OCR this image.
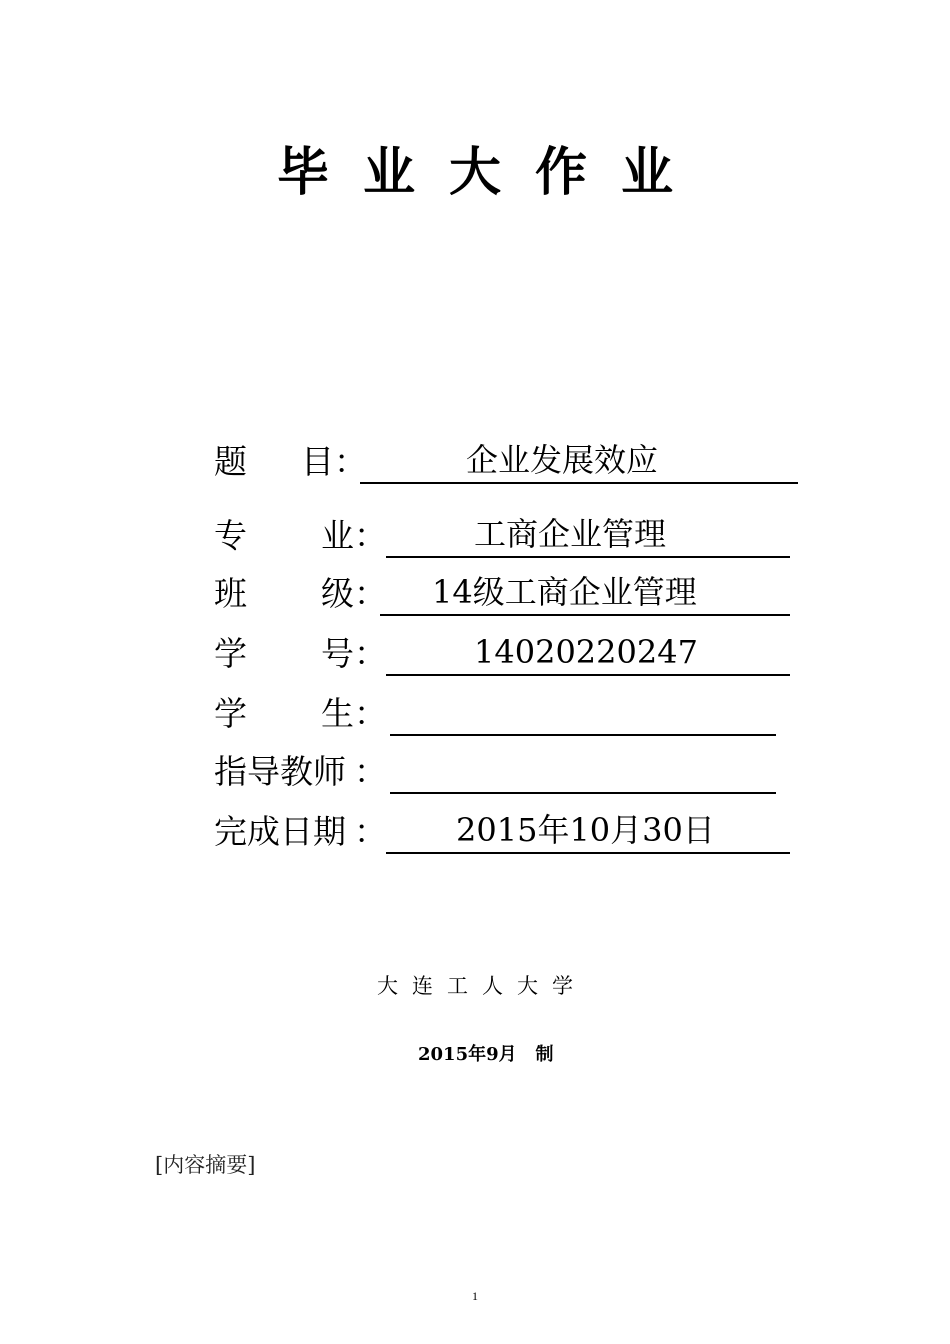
毕业大作业
题 目 ：	企业发展效应
专 业 ：	工商企业管理
班 级 ： 14级工商企业管理
学 号 ：	14020220247
学 生 ：
指导教师 ：
完成日期 ： 2015年10月30日
大连工人大学
2015年9月 制
[内容摘要]
1
